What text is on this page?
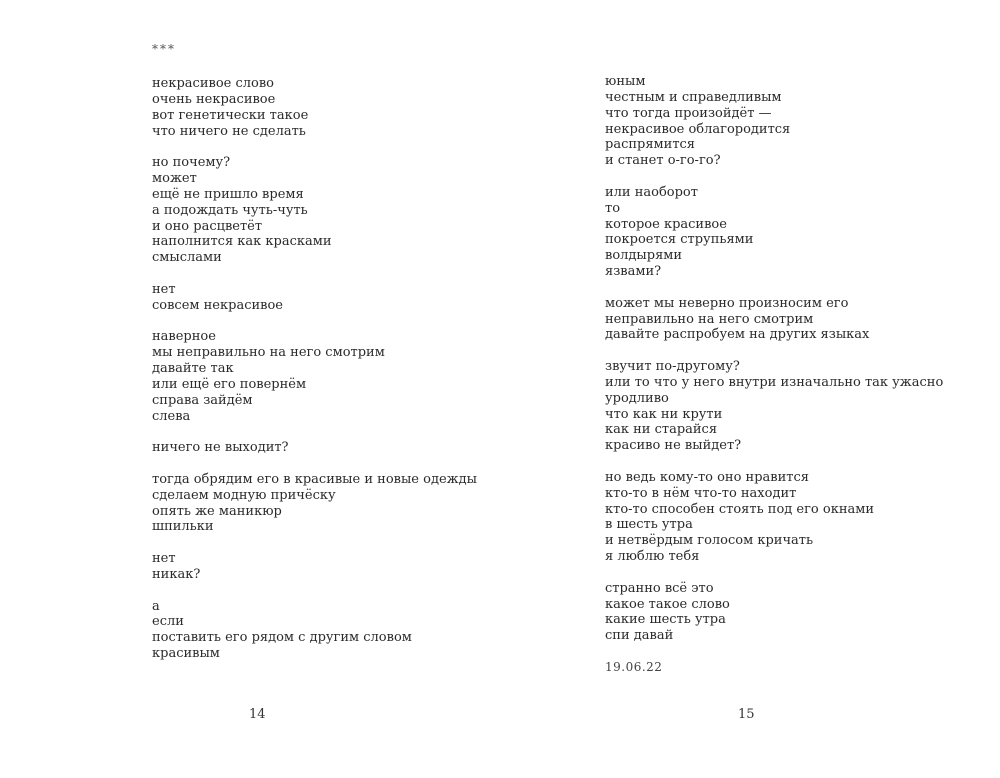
***
некрасивое слово
очень некрасивое
вот генетически такое
что ничего не сделать
но почему?
может
ещё не пришло время
а подождать чуть-чуть
и оно расцветёт
наполнится как красками
смыслами
нет
совсем некрасивое
наверное
мы неправильно на него смотрим
давайте так
или ещё его повернём
справа зайдём
слева
ничего не выходит?
тогда обрядим его в красивые и новые одежды
сделаем модную причёску
опять же маникюр
шпильки
нет
никак?
а
если
поставить его рядом с другим словом
красивым
14
юным
честным и справедливым
что тогда произойдёт —
некрасивое облагородится
распрямится
и станет о-го-го?
или наоборот
то
которое красивое
покроется струпьями
волдырями
язвами?
может мы неверно произносим его
неправильно на него смотрим
давайте распробуем на других языках
звучит по-другому?
или то что у него внутри изначально так ужасно
уродливо
что как ни крути
как ни старайся
красиво не выйдет?
но ведь кому-то оно нравится
кто-то в нём что-то находит
кто-то способен стоять под его окнами
в шесть утра
и нетвёрдым голосом кричать
я люблю тебя
странно всё это
какое такое слово
какие шесть утра
спи давай
19.06.22
15
